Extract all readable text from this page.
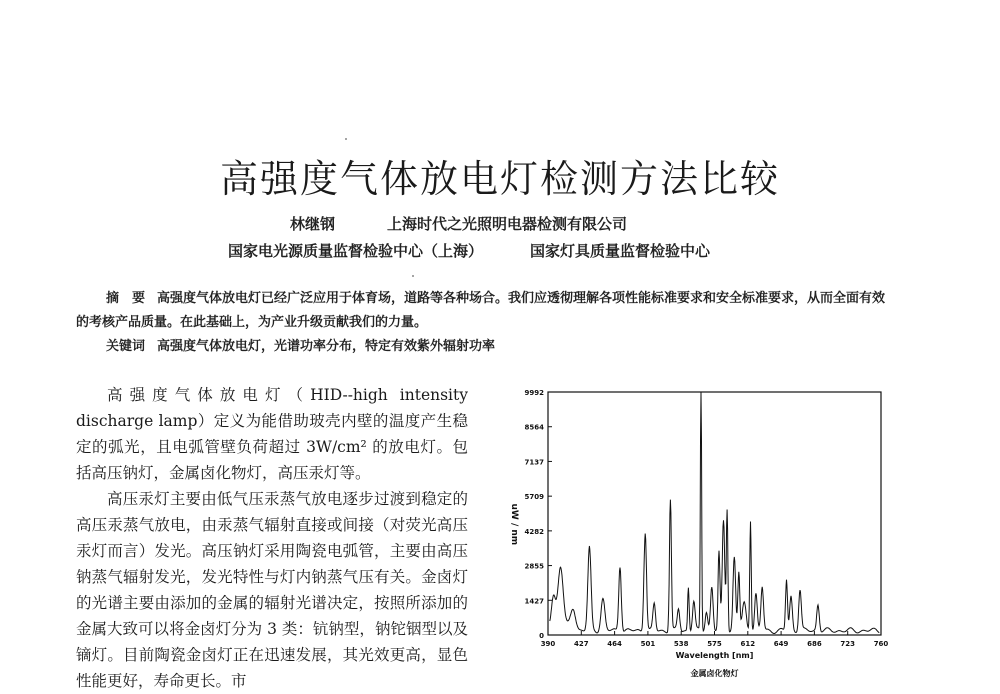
高强度气体放电灯检测方法比较
林继钢	上海时代之光照明电器检测有限公司
国家电光源质量监督检验中心（上海）	国家灯具质量监督检验中心
摘　要 高强度气体放电灯已经广泛应用于体育场，道路等各种场合。我们应透彻理解各项性能标准要求和安全标准要求，从而全面有效的考核产品质量。在此基础上，为产业升级贡献我们的力量。
关键词 高强度气体放电灯，光谱功率分布，特定有效紫外辐射功率

高强度气体放电灯（HID--high intensity discharge lamp）定义为能借助玻壳内壁的温度产生稳定的弧光，且电弧管壁负荷超过 3W/cm² 的放电灯。包括高压钠灯，金属卤化物灯，高压汞灯等。

高压汞灯主要由低气压汞蒸气放电逐步过渡到稳定的高压汞蒸气放电，由汞蒸气辐射直接或间接（对荧光高压汞灯而言）发光。高压钠灯采用陶瓷电弧管，主要由高压钠蒸气辐射发光，发光特性与灯内钠蒸气压有关。金卤灯的光谱主要由添加的金属的辐射光谱决定，按照所添加的金属大致可以将金卤灯分为 3 类：钪钠型，钠铊铟型以及镝灯。目前陶瓷金卤灯正在迅速发展，其光效更高，显色性能更好，寿命更长。市

uW / nm
Wavelength [nm]
金属卤化物灯
0
1427
2855
4282
5709
7137
8564
9992
390	427	464	501	538	575	612	649	686	723	760
